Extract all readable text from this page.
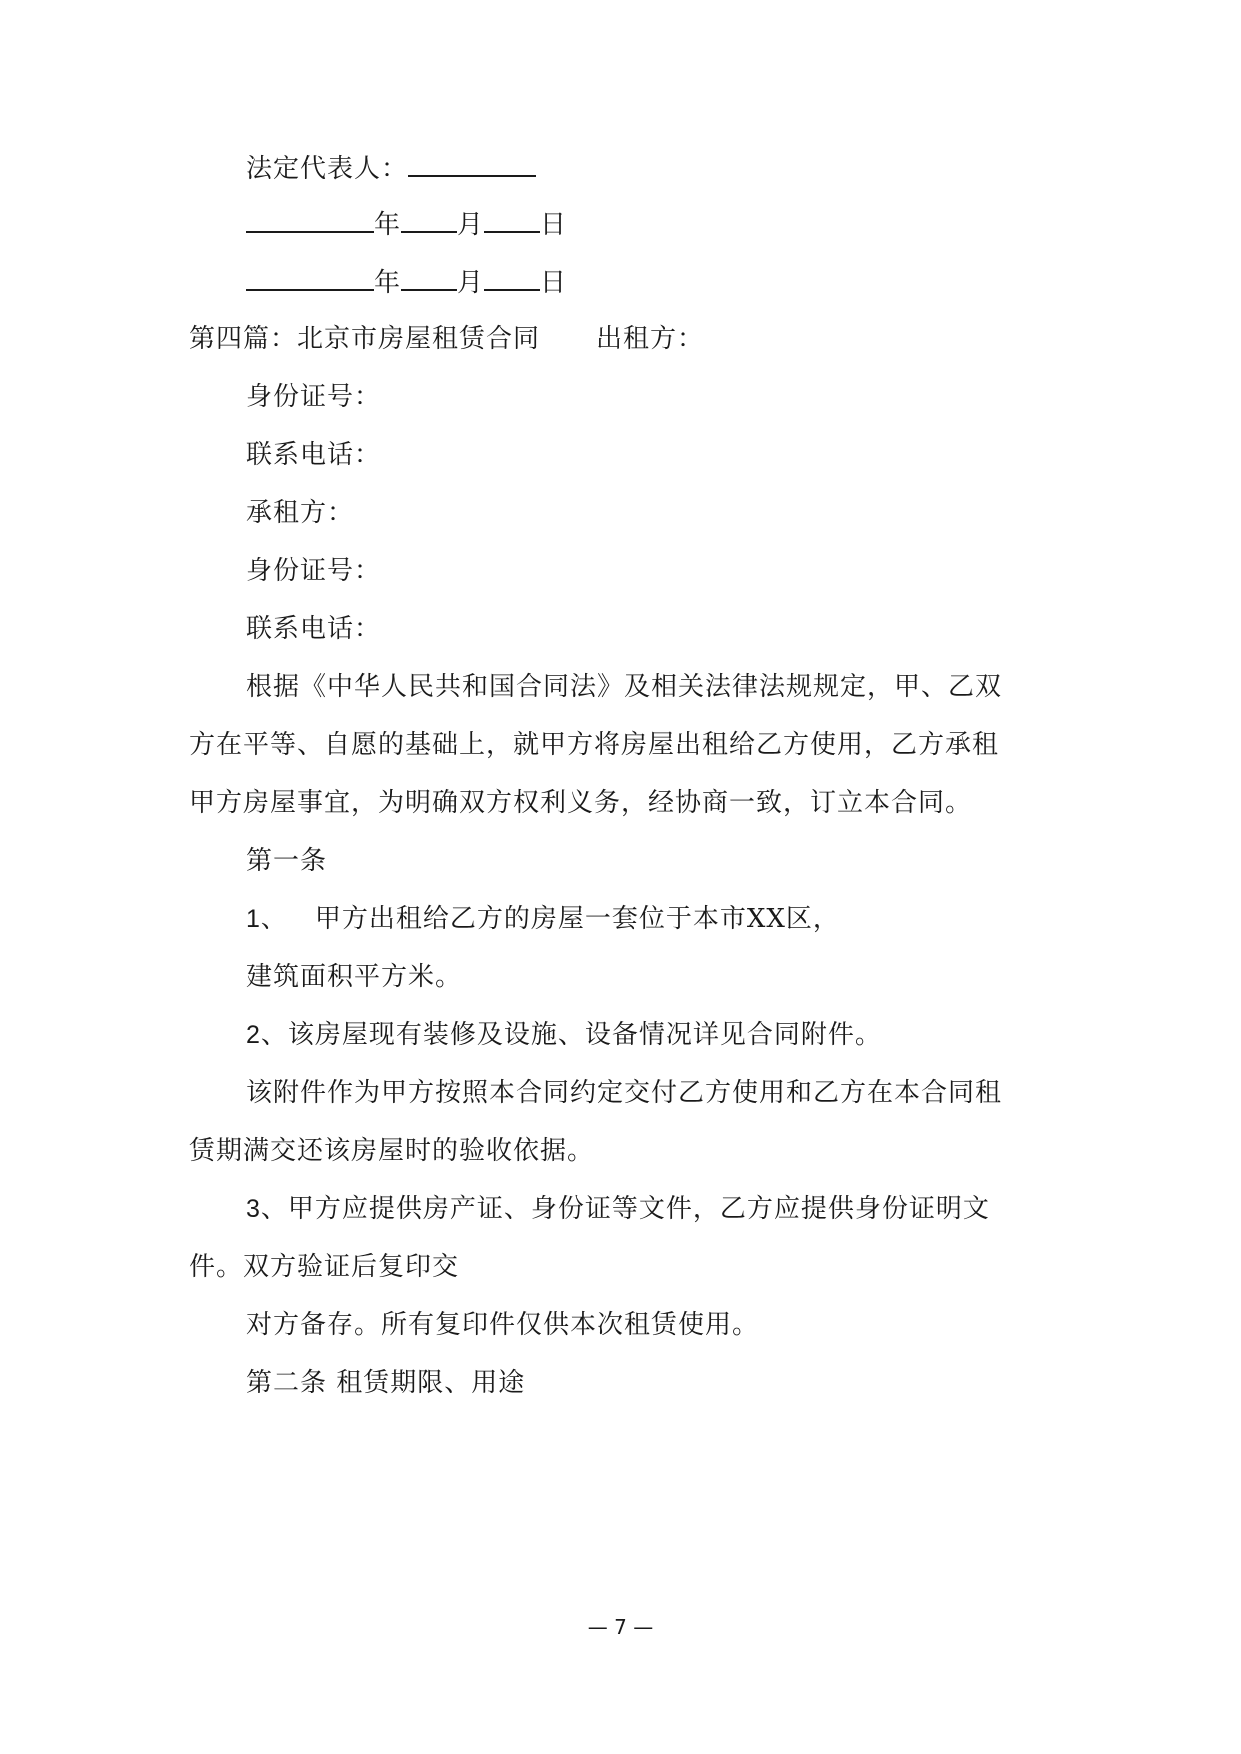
法定代表人：
年 月 日
年 月 日
第四篇：北京市房屋租赁合同 出租方：
身份证号：
联系电话：
承租方：
身份证号：
联系电话：
根据《中华人民共和国合同法》及相关法律法规规定，甲、乙双
方在平等、自愿的基础上，就甲方将房屋出租给乙方使用，乙方承租
甲方房屋事宜，为明确双方权利义务，经协商一致，订立本合同。
第一条
1、 甲方出租给乙方的房屋一套位于本市XX区，
建筑面积平方米。
2、该房屋现有装修及设施、设备情况详见合同附件。
该附件作为甲方按照本合同约定交付乙方使用和乙方在本合同租
赁期满交还该房屋时的验收依据。
3、甲方应提供房产证、身份证等文件，乙方应提供身份证明文
件。双方验证后复印交
对方备存。所有复印件仅供本次租赁使用。
第二条 租赁期限、用途
— 7 —
